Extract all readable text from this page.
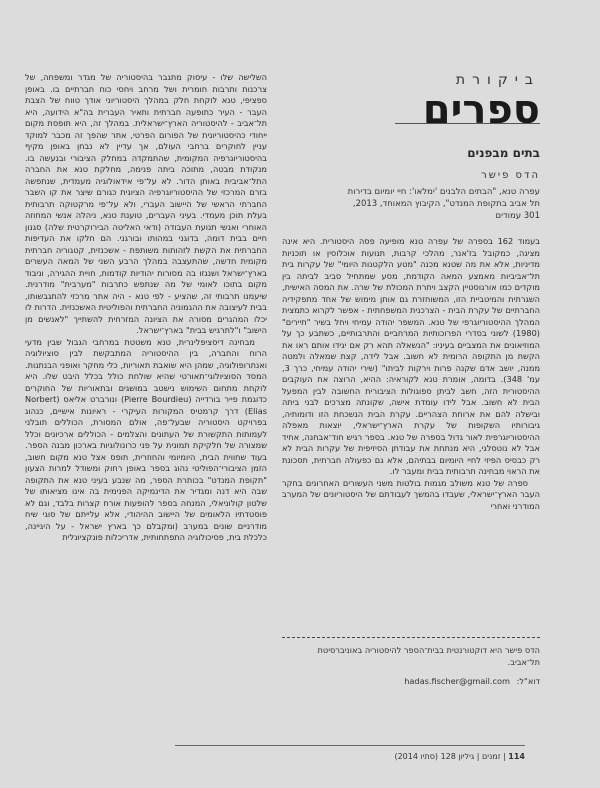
ביקורת
ספרים
בתים מבפנים
הדס פישר
עפרה טנא, "הבתים הלבנים 'ימלאו': חיי יומיום בדירות
תל אביב בתקופת המנדט", הקיבוץ המאוחד, 2013,
301 עמודים

בעמוד 162 בספרה של עפרה טנא מופיעה פסה היסטורית. היא אינה מציגה, כמקובל בז'אנר, מהלכי קרבות, תנועות אוכלוסין או תוכניות מדיניות, אלא את מה שטנא מכנה "מטע הלקטנות היומי" של עקרות בית תל־אביביות מאמצע המאה הקודמת, מסע שמתחיל סביב לביתה בין מוקדים כמו אורגוסטיין הקצב ויתרת המכולת של שרה. את המסה האישית, השגרתית והמיטביית הזו, המשוחזרת גם אותן מימוש של אחד מתפקידיה החברתיים של עקרת הבית - הצרכנית המשפחתית - אפשר לקרוא כתמצית המהלך ההיסטוריוגרפי של טנא. המשפר יהודה עמיחי ויחל בשיר "תיירים" (1980) לשוני בסדרי הפרוכותיות המרחביים והתרבותיים, כשתבע כך על המוזיאונים את המצביים בעיניו: "הנשאלה תהא רק אם יגידו אותם ראו את הקשת מן התקופה הרומית לא חשוב. אבל לידה, קצת שמאלה ולמטה ממנה, יושב אדם שקנה פרות וירקות לביתו" (שירי יהודה עמיחי, כרך 3, עמ' 348). בדומה, אומרת טנא לקוראיה: ההיא, הרוצה את העוקבים ההיסטורית הזה, חשב לביתן ספוגולות הציבורית החשובה לבין המפעל הבית לא חשוב. אבל לידו עומדת אישה, שקונתה מצרכים לבני ביתה ובישלה להם את ארוחת הצהריים. עקרת הבית הנשכחת הזו ודומותיה, גיבורותיו השקופות של עקרת הארץ־ישראלי, יוצאות מאפלה ההיסטוריוגרפית לאור גדול בספרה של טנא. בספר רגיש חוד־אבחנה, אחיד אבל לא נוטסלגי, היא מנתחת את עבודתן הסיזיפית של עקרות הבית לא רק כבסיס הפיזי לחיי היומיום בבתיהם, אלא גם כפעולה חברתית, תסכונת את הראוי מבחינה תרבותית בבית ומעבר לו.

ספרה של טנא משולב מגמות בולטות משני העשורים האחרונים בחקר העבר הארץ־ישראלי, שעבדו בהמשך לעבודתם של היסטוריונים של המערב המודרני ואחרי

הדס פישר היא דוקטורנטית בבית־הספר להיסטוריה באוניברסיטת
תל־אביב.
דוא"ל: hadas.fischer@gmail.com

השלישה שלו - עיסוק מתגבר בהיסטוריה של מגדר ומשפחה, של צרכנות ותרבות חומרית ושל מרחב ויחסי כוח חברתיים בו. באופן ספציפי, טנא לוקחת חלק במהלך היסטוריוני אודך טווח של הצבת העבר - העיר כתופעה חברתית ותאיר העברית בה"א הידועה, היא תל־אביב - להיסטוריה הארץ־ישראלית. במהלך זה, היא תופסת מקום ייחודי כהיסטוריונית של הפורום הפרטי, אתר שהפך זה מכבר למוקד עניין לחוקרים ברחבי העולם, אך עדיין לא נבחן באופן מקיף בהיסטוריוגרפיה המקומית, שהתמקדה במחלק הציבורי ובנעשה בו. מנקודת מבטה, מתוכה ביתה פנימה, מחלקת טנא את החברה התל־אביבית באותן הדור. לא על־פי אידאולוגיה מעמדית, שנתפשה בזרם המרכזי של ההיסטוריוגרפיה הציונית כגורם שיצר את קו השבר החברתי הראשי של היישוב העברי, ולא על־פי מרקטוקה תרבותית בעלת תוכן מעמדי. בעיני העברים, טוענת טנא, ניהלה אנשי המחוזה האוחרי ואנשי תנועת העבודה (ודאי האליטה הבירוקרטית שלה) סגנון חיים בבית דומה, בדוגני במהותו ובורגני. הם חלקו את העדיפות החברתית את הקשת לזהותות משותפת - אשכנזית, קטגוריה חברתית מקומית חדשה, שהתעצבה במהלך הרבע השני של המאה העשרים בארץ־ישראל ושנגזו בה מסורות יהודיות קודמות, חויית ההגירה, וניבוד מקום בתוכו לאומי של מה שנתפש כתרבות "מערבית" מודרנית. שיעמנו תרבותי זה, שהציע - לפי טנא - היה אתר מרכזי להתגבשותו, בבית לעיצובה את ההגמוניה החברתית והפוליטית האשכנזית. הדרות לו יכלו המהגרים מסורה את הציונה המזרחית להשתייך "לאנשים מן הישוב" ו"לתרגיש בבית" בארץ־ישראל.

מבחינה דיסציפלינרית, טנא משטטת במרחבי הגבול שבין מדעי הרוח והחברה, בין ההיסטוריה המתבקשת לבין סוציולוגיה ואנתרופולוגיה, שמהן היא שואבת תאוריות, כלי מחקר ואופני הבנתנות. המסד הסוציולוגי־תאורטי שהיא שולחת כולל בכלל היבט שלו. היא לוקחת מתחום השימוש נישטב במושגים ובתאוריות של החוקרים כדוגמת פייר בורדייה (Pierre Bourdieu) ונורברט אליאס (Norbert Elias) דרך קרמטיס המקורות העיקרי - ראיונות אישיים, כנהוג בפרויקט היסטוריה שבעל־פה, אולם המסורת, הכוללים תובלני לעמותות התקשורת של העתונים והצלמים - הכוללים ארכיונים וכלל שמצורה של חלקיקת תמונית על פני כרונולוגיות בארכון מבנה הספר. בעוד שחווית הבית, היומיומי והחוזרית, תופס אצל טנא מקום חשוב, הזמן הציבורי־הפוליטי נהוג בספר באופן רחוק ומשודל למרות הצעון "תקופת המנדט" בכותרת הספר, מה שנבע בעיני טנא את התקופה שבה היא דנה ומגדיר את הדינמיקה הפנימית בה אינו מציאותו של שלטון קולוניאלי, המנחה בספר להופעות אורח קצרות בלבד, וגם לא פוסטדתיו הלאומים של היישוב ההיהודי, אלא עלייתם של סוגי שיח מודרניים שונים במערב (ומקבלם כך בארץ ישראל - על היגיינה, כלכלת בית, פסיכולוגיה התפתחותית, אדריכלות פונקציונלית

114 | זמנים | גיליון 128 (סתיו 2014)
